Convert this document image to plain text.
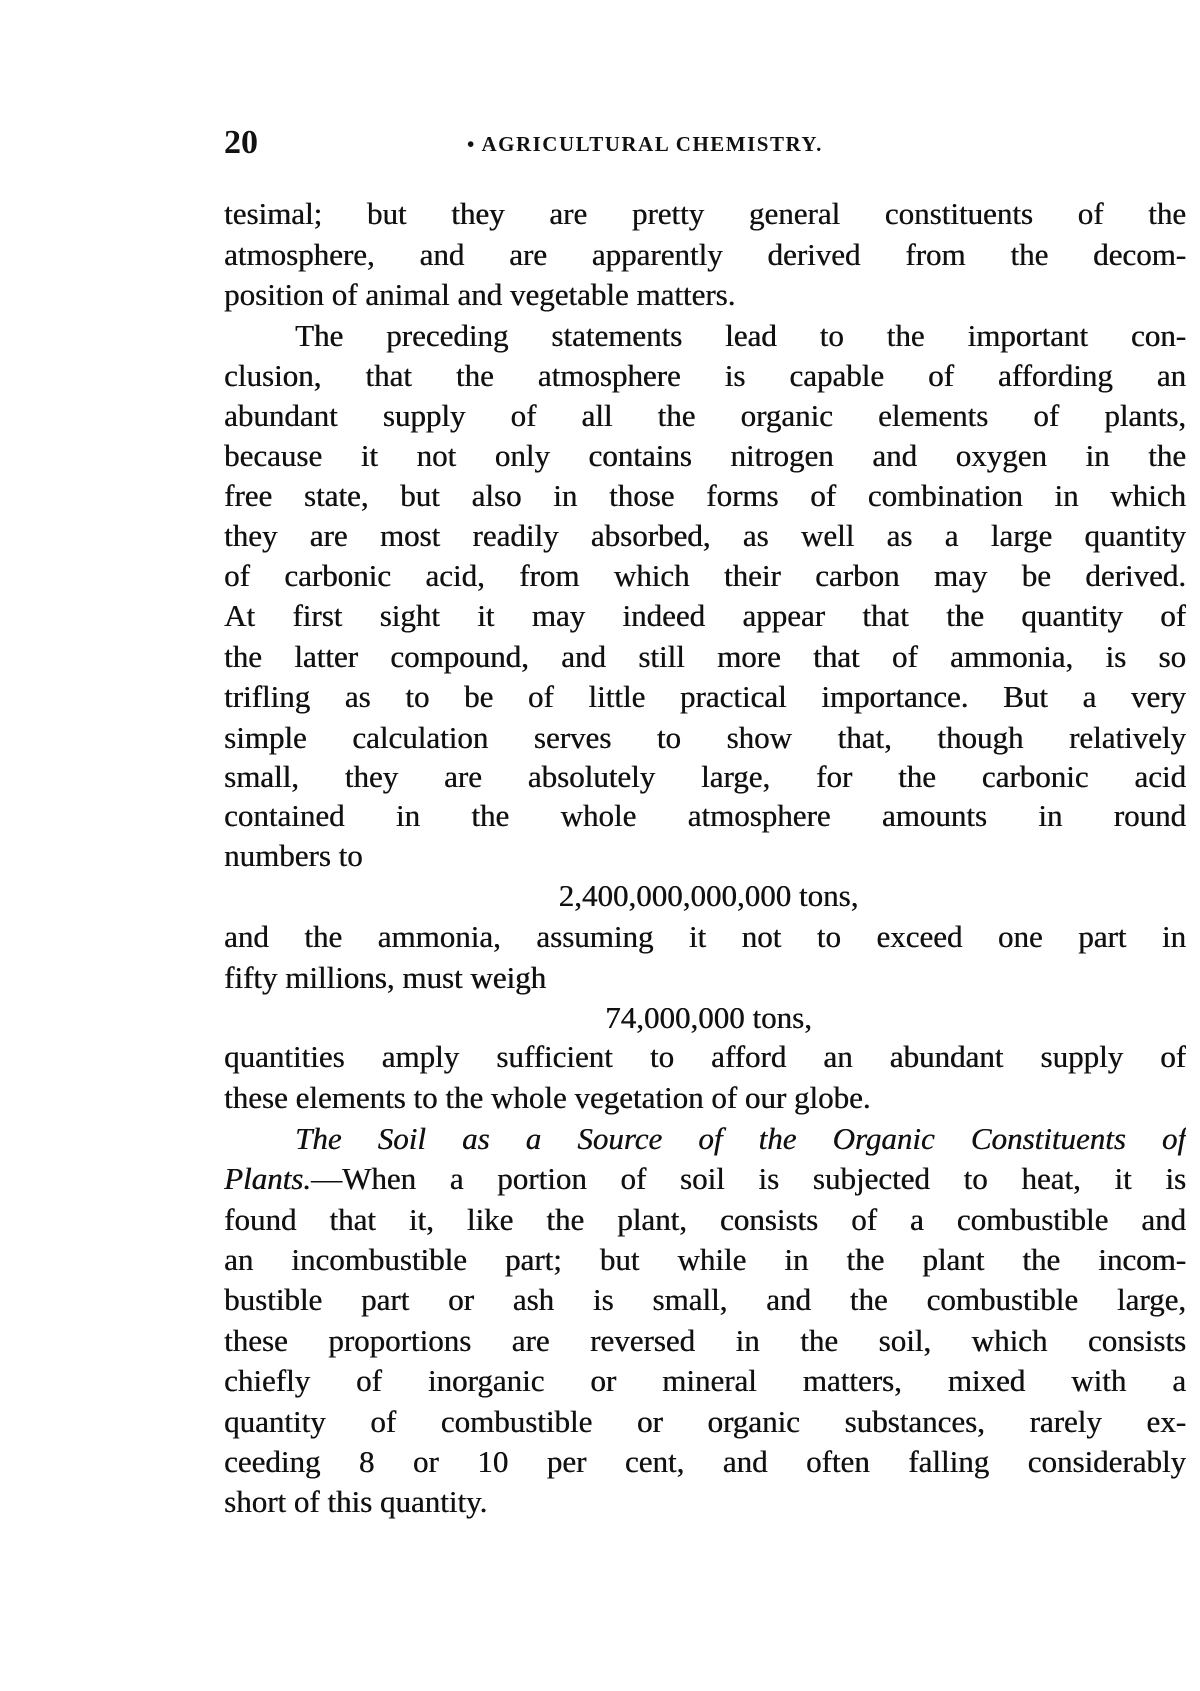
20	• AGRICULTURAL CHEMISTRY.
tesimal; but they are pretty general constituents of the
atmosphere, and are apparently derived from the decom-
position of animal and vegetable matters.
The preceding statements lead to the important con-
clusion, that the atmosphere is capable of affording an
abundant supply of all the organic elements of plants,
because it not only contains nitrogen and oxygen in the
free state, but also in those forms of combination in which
they are most readily absorbed, as well as a large quantity
of carbonic acid, from which their carbon may be derived.
At first sight it may indeed appear that the quantity of
the latter compound, and still more that of ammonia, is so
trifling as to be of little practical importance. But a very
simple calculation serves to show that, though relatively
small, they are absolutely large, for the carbonic acid
contained in the whole atmosphere amounts in round
numbers to
2,400,000,000,000 tons,
and the ammonia, assuming it not to exceed one part in
fifty millions, must weigh
74,000,000 tons,
quantities amply sufficient to afford an abundant supply of
these elements to the whole vegetation of our globe.
The Soil as a Source of the Organic Constituents of
Plants.—When a portion of soil is subjected to heat, it is
found that it, like the plant, consists of a combustible and
an incombustible part; but while in the plant the incom-
bustible part or ash is small, and the combustible large,
these proportions are reversed in the soil, which consists
chiefly of inorganic or mineral matters, mixed with a
quantity of combustible or organic substances, rarely ex-
ceeding 8 or 10 per cent, and often falling considerably
short of this quantity.
